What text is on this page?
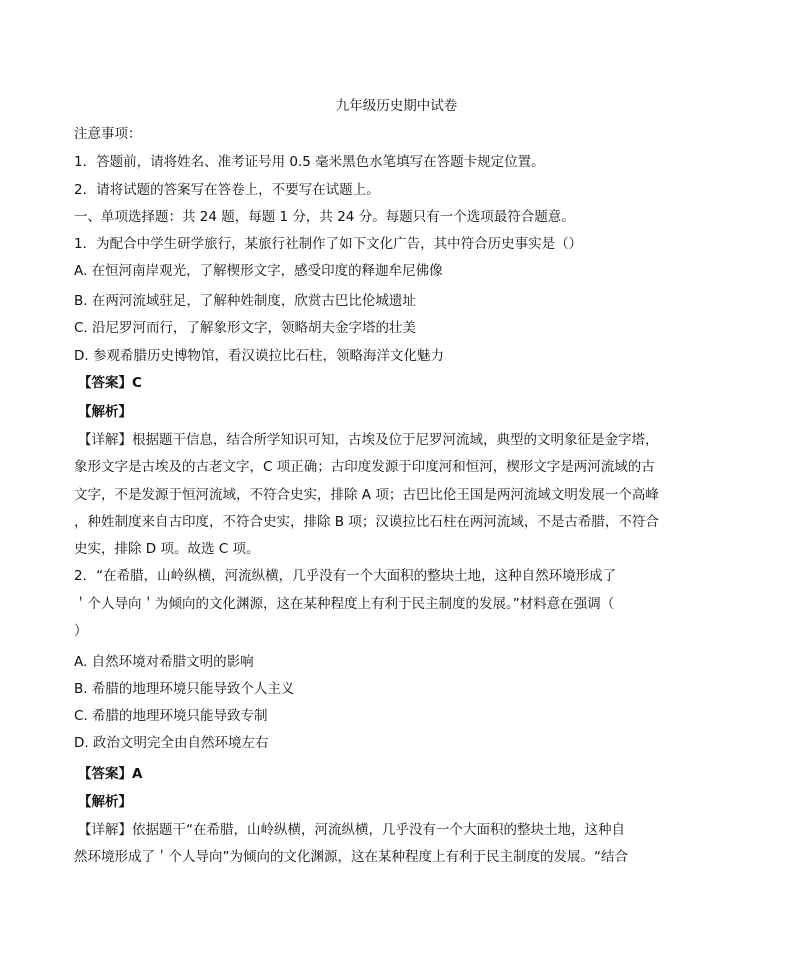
九年级历史期中试卷
注意事项：
1．答题前，请将姓名、准考证号用 0.5 毫米黑色水笔填写在答题卡规定位置。
2．请将试题的答案写在答卷上，不要写在试题上。
一、单项选择题：共 24 题，每题 1 分，共 24 分。每题只有一个选项最符合题意。
1．为配合中学生研学旅行，某旅行社制作了如下文化广告，其中符合历史事实是（）
A. 在恒河南岸观光，了解楔形文字，感受印度的释迦牟尼佛像
B. 在两河流域驻足，了解种姓制度，欣赏古巴比伦城遗址
C. 沿尼罗河而行，了解象形文字，领略胡夫金字塔的壮美
D. 参观希腊历史博物馆，看汉谟拉比石柱，领略海洋文化魅力
【答案】C
【解析】
【详解】根据题干信息，结合所学知识可知，古埃及位于尼罗河流域，典型的文明象征是金字塔，
象形文字是古埃及的古老文字，C 项正确；古印度发源于印度河和恒河，楔形文字是两河流域的古
文字，不是发源于恒河流域，不符合史实，排除 A 项；古巴比伦王国是两河流域文明发展一个高峰
，种姓制度来自古印度，不符合史实，排除 B 项；汉谟拉比石柱在两河流域，不是古希腊，不符合
史实，排除 D 项。故选 C 项。
2．“在希腊，山岭纵横，河流纵横，几乎没有一个大面积的整块土地，这种自然环境形成了
＇个人导向＇为倾向的文化渊源，这在某种程度上有利于民主制度的发展。”材料意在强调（
）
A. 自然环境对希腊文明的影响
B. 希腊的地理环境只能导致个人主义
C. 希腊的地理环境只能导致专制
D. 政治文明完全由自然环境左右
【答案】A
【解析】
【详解】依据题干“在希腊，山岭纵横，河流纵横，几乎没有一个大面积的整块土地，这种自
然环境形成了＇个人导向”为倾向的文化渊源，这在某种程度上有利于民主制度的发展。“结合
